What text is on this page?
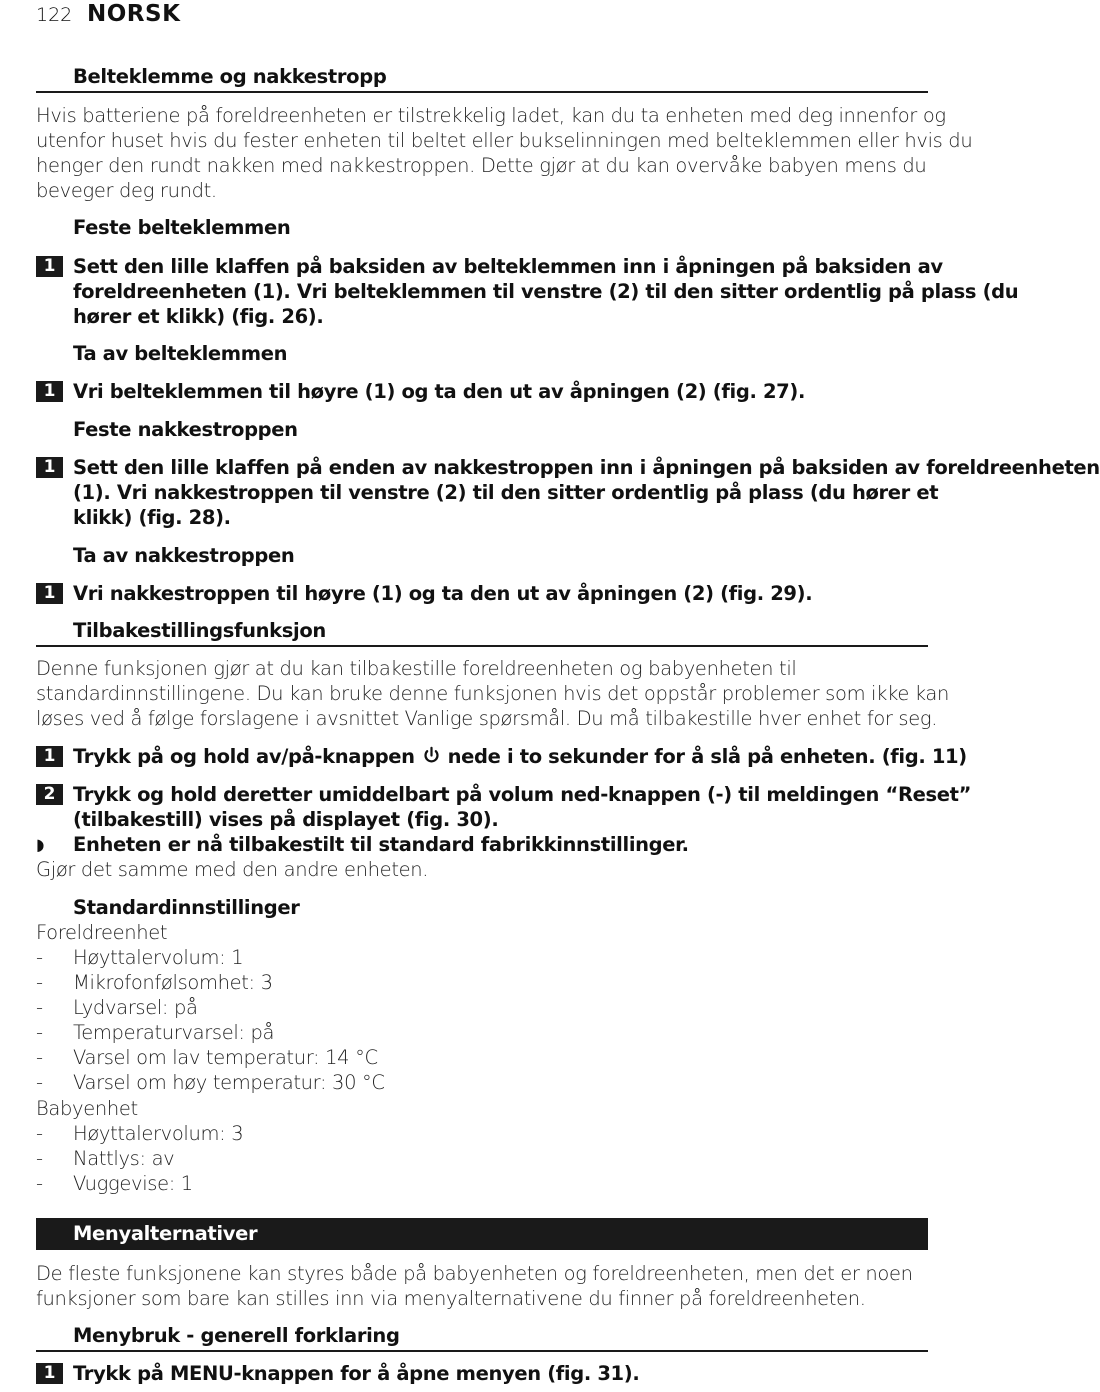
122 NORSK
Belteklemme og nakkestropp
Hvis batteriene på foreldreenheten er tilstrekkelig ladet, kan du ta enheten med deg innenfor og
utenfor huset hvis du fester enheten til beltet eller bukselinningen med belteklemmen eller hvis du
henger den rundt nakken med nakkestroppen. Dette gjør at du kan overvåke babyen mens du
beveger deg rundt.
Feste belteklemmen
1 Sett den lille klaffen på baksiden av belteklemmen inn i åpningen på baksiden av
foreldreenheten (1). Vri belteklemmen til venstre (2) til den sitter ordentlig på plass (du
hører et klikk) (fig. 26).
Ta av belteklemmen
1 Vri belteklemmen til høyre (1) og ta den ut av åpningen (2) (fig. 27).
Feste nakkestroppen
1 Sett den lille klaffen på enden av nakkestroppen inn i åpningen på baksiden av foreldreenheten
(1). Vri nakkestroppen til venstre (2) til den sitter ordentlig på plass (du hører et
klikk) (fig. 28).
Ta av nakkestroppen
1 Vri nakkestroppen til høyre (1) og ta den ut av åpningen (2) (fig. 29).
Tilbakestillingsfunksjon
Denne funksjonen gjør at du kan tilbakestille foreldreenheten og babyenheten til
standardinnstillingene. Du kan bruke denne funksjonen hvis det oppstår problemer som ikke kan
løses ved å følge forslagene i avsnittet Vanlige spørsmål. Du må tilbakestille hver enhet for seg.
1 Trykk på og hold av/på-knappen nede i to sekunder for å slå på enheten. (fig. 11)
2 Trykk og hold deretter umiddelbart på volum ned-knappen (-) til meldingen “Reset”
(tilbakestill) vises på displayet (fig. 30).
◗ Enheten er nå tilbakestilt til standard fabrikkinnstillinger.
Gjør det samme med den andre enheten.
Standardinnstillinger
Foreldreenhet
- Høyttalervolum: 1
- Mikrofonfølsomhet: 3
- Lydvarsel: på
- Temperaturvarsel: på
- Varsel om lav temperatur: 14 °C
- Varsel om høy temperatur: 30 °C
Babyenhet
- Høyttalervolum: 3
- Nattlys: av
- Vuggevise: 1
Menyalternativer
De fleste funksjonene kan styres både på babyenheten og foreldreenheten, men det er noen
funksjoner som bare kan stilles inn via menyalternativene du finner på foreldreenheten.
Menybruk - generell forklaring
1 Trykk på MENU-knappen for å åpne menyen (fig. 31).
